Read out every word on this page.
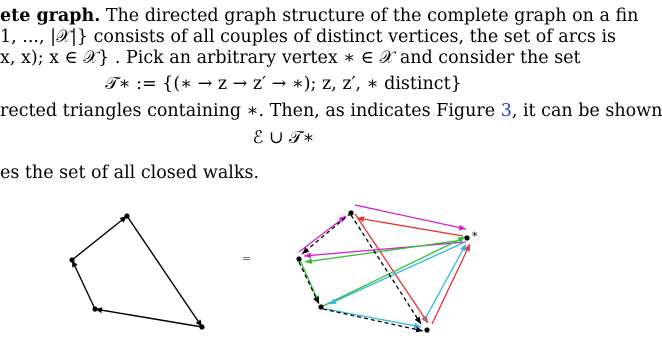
ete graph. The directed graph structure of the complete graph on a fin
1, ..., |𝒳|} consists of all couples of distinct vertices, the set of arcs is
x, x); x ∈ 𝒳} . Pick an arbitrary vertex ∗ ∈ 𝒳 and consider the set
𝒯∗ := {(∗ → z → z′ → ∗); z, z′, ∗ distinct}
rected triangles containing ∗. Then, as indicates Figure 3, it can be shown
ℰ ∪ 𝒯∗
es the set of all closed walks.
=
*
